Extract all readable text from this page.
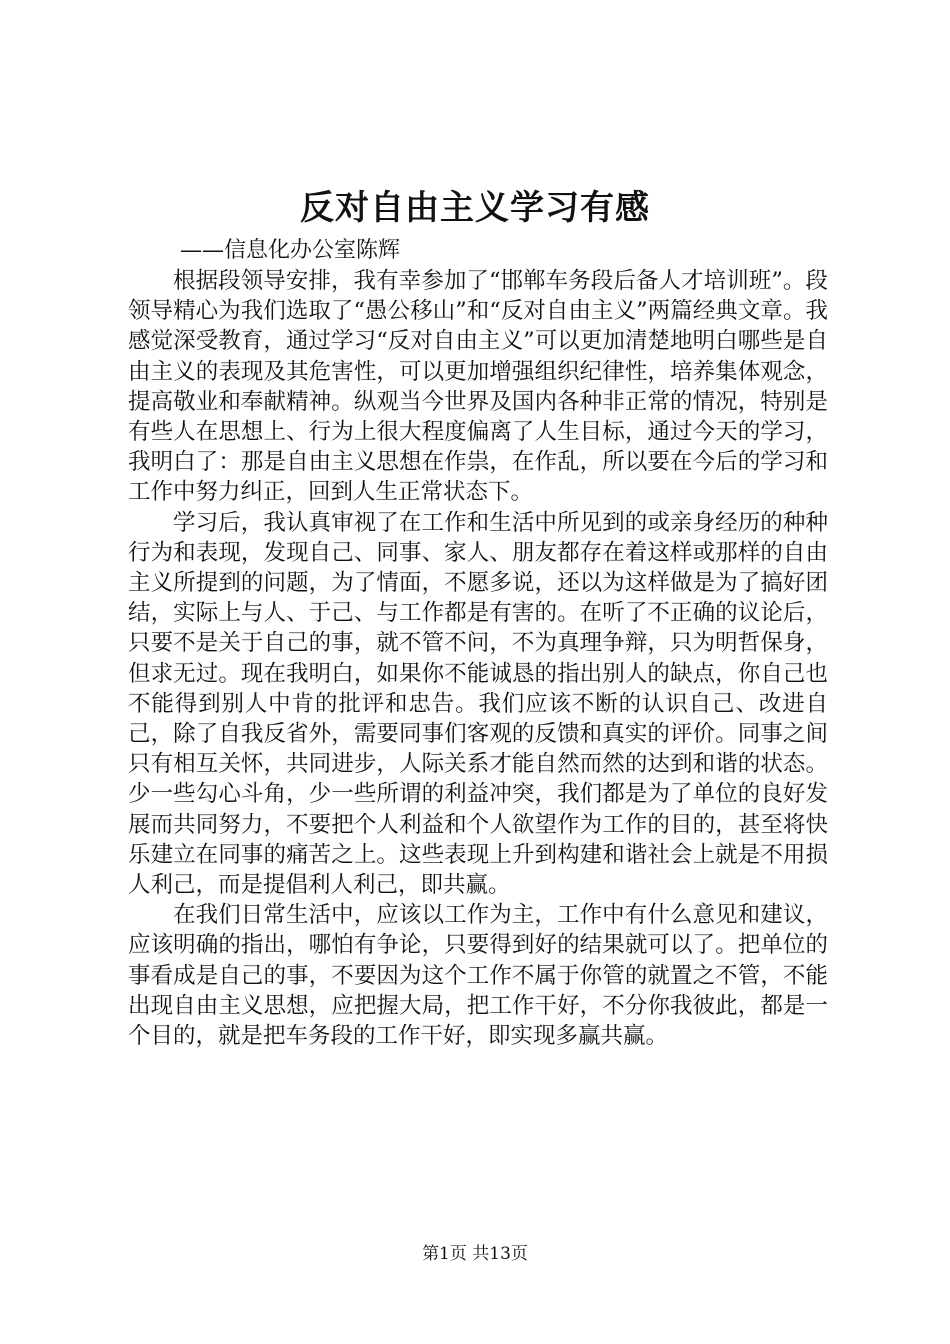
反对自由主义学习有感
——信息化办公室陈辉

根据段领导安排，我有幸参加了“邯郸车务段后备人才培训班”。段领导精心为我们选取了“愚公移山”和“反对自由主义”两篇经典文章。我感觉深受教育，通过学习“反对自由主义”可以更加清楚地明白哪些是自由主义的表现及其危害性，可以更加增强组织纪律性，培养集体观念，提高敬业和奉献精神。纵观当今世界及国内各种非正常的情况，特别是有些人在思想上、行为上很大程度偏离了人生目标，通过今天的学习，我明白了：那是自由主义思想在作祟，在作乱，所以要在今后的学习和工作中努力纠正，回到人生正常状态下。

学习后，我认真审视了在工作和生活中所见到的或亲身经历的种种行为和表现，发现自己、同事、家人、朋友都存在着这样或那样的自由主义所提到的问题，为了情面，不愿多说，还以为这样做是为了搞好团结，实际上与人、于己、与工作都是有害的。在听了不正确的议论后，只要不是关于自己的事，就不管不问，不为真理争辩，只为明哲保身，但求无过。现在我明白，如果你不能诚恳的指出别人的缺点，你自己也不能得到别人中肯的批评和忠告。我们应该不断的认识自己、改进自己，除了自我反省外，需要同事们客观的反馈和真实的评价。同事之间只有相互关怀，共同进步，人际关系才能自然而然的达到和谐的状态。少一些勾心斗角，少一些所谓的利益冲突，我们都是为了单位的良好发展而共同努力，不要把个人利益和个人欲望作为工作的目的，甚至将快乐建立在同事的痛苦之上。这些表现上升到构建和谐社会上就是不用损人利己，而是提倡利人利己，即共赢。

在我们日常生活中，应该以工作为主，工作中有什么意见和建议，应该明确的指出，哪怕有争论，只要得到好的结果就可以了。把单位的事看成是自己的事，不要因为这个工作不属于你管的就置之不管，不能出现自由主义思想，应把握大局，把工作干好，不分你我彼此，都是一个目的，就是把车务段的工作干好，即实现多赢共赢。

第1页 共13页
